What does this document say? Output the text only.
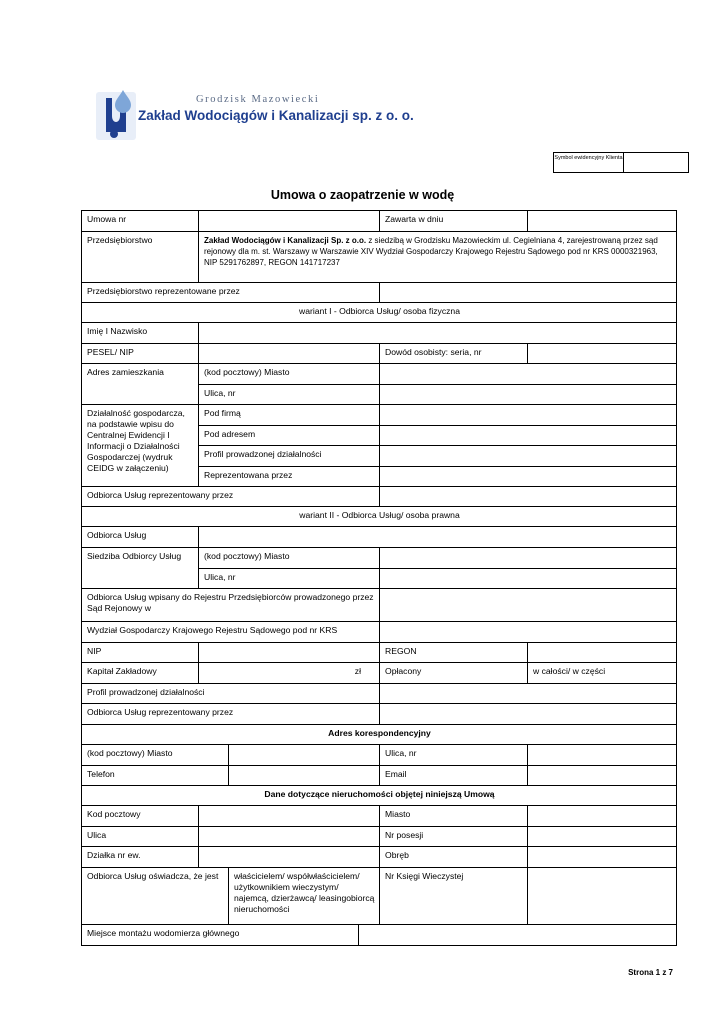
Grodzisk Mazowiecki
Zakład Wodociągów i Kanalizacji sp. z o. o.
Symbol ewidencyjny Klienta
Umowa o zaopatrzenie w wodę
Umowa nr				Zawarta w dniu	
Przedsiębiorstwo	Zakład Wodociągów i Kanalizacji Sp. z o.o. z siedzibą w Grodzisku Mazowieckim ul. Cegielniana 4, zarejestrowaną przez sąd rejonowy dla m. st. Warszawy w Warszawie XIV Wydział Gospodarczy Krajowego Rejestru Sądowego pod nr KRS 0000321963, NIP 5291762897, REGON 141717237				
Przedsiębiorstwo reprezentowane przez					
wariant I - Odbiorca Usług/ osoba fizyczna					
Imię I Nazwisko					
PESEL/ NIP				Dowód osobisty: seria, nr	
Adres zamieszkania	(kod pocztowy) Miasto				
	Ulica, nr				
Działalność gospodarcza, na podstawie wpisu do Centralnej Ewidencji I Informacji o Działalności Gospodarczej (wydruk CEIDG w załączeniu)	Pod firmą				
	Pod adresem				
	Profil prowadzonej działalności				
	Reprezentowana przez				
Odbiorca Usług reprezentowany przez					
wariant II - Odbiorca Usług/ osoba prawna					
Odbiorca Usług					
Siedziba Odbiorcy Usług	(kod pocztowy) Miasto				
	Ulica, nr				
Odbiorca Usług wpisany do Rejestru Przedsiębiorców prowadzonego przez Sąd Rejonowy w					
Wydział Gospodarczy Krajowego Rejestru Sądowego pod nr KRS					
NIP				REGON	
Kapitał Zakładowy	zł			Opłacony	w całości/ w części
Profil prowadzonej działalności					
Odbiorca Usług reprezentowany przez					
Adres korespondencyjny					
(kod pocztowy) Miasto				Ulica, nr	
Telefon				Email	
Dane dotyczące nieruchomości objętej niniejszą Umową					
Kod pocztowy				Miasto	
Ulica				Nr posesji	
Działka nr ew.				Obręb	
Odbiorca Usług oświadcza, że jest		właścicielem/ współwłaścicielem/ użytkownikiem wieczystym/ najemcą, dzierżawcą/ leasingobiorcą nieruchomości		Nr Księgi Wieczystej	
Miejsce montażu wodomierza głównego					
Strona 1 z 7
